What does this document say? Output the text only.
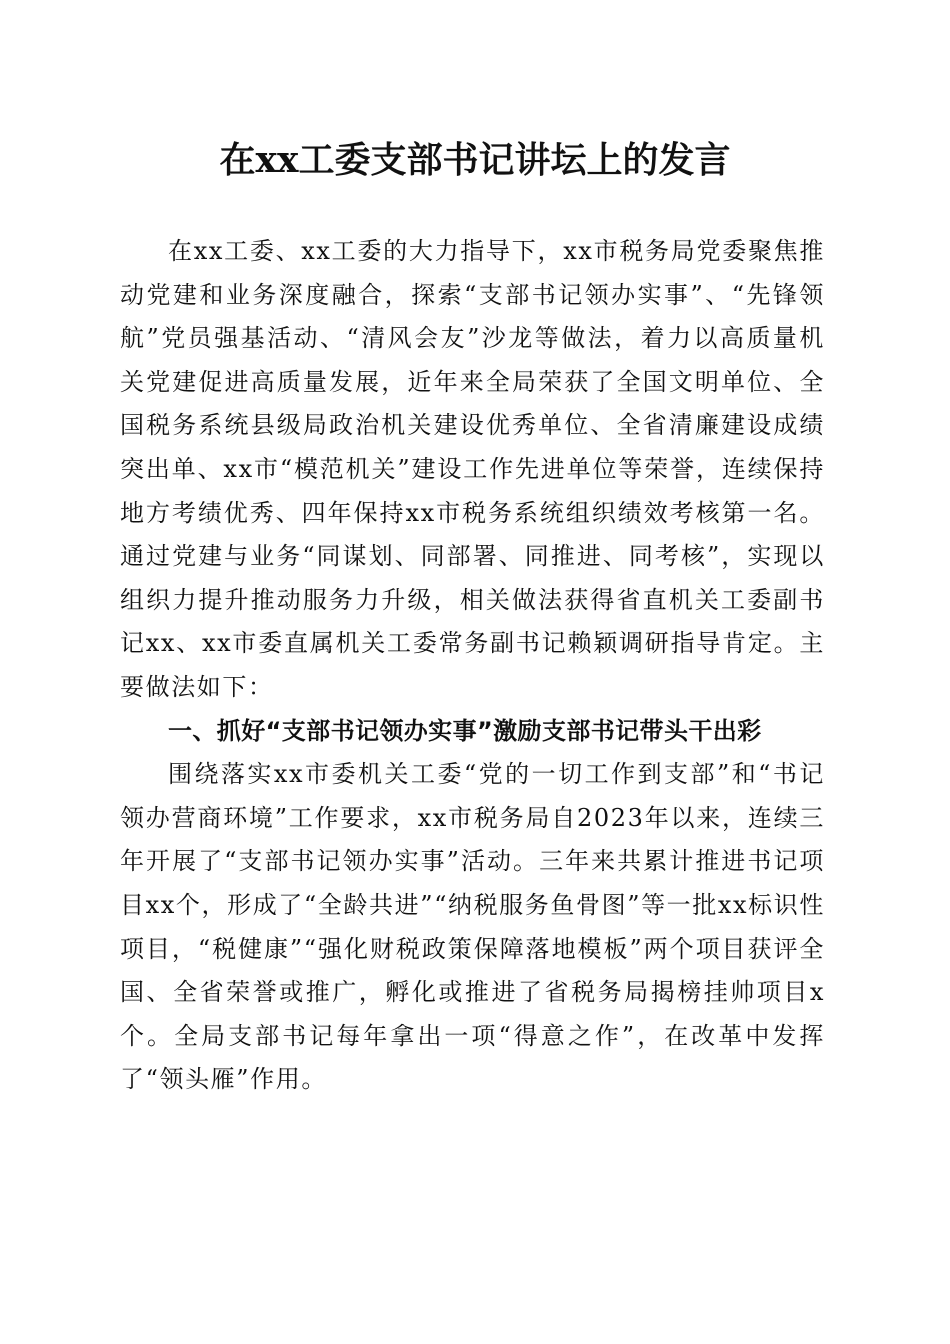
在xx工委支部书记讲坛上的发言

在xx工委、xx工委的大力指导下，xx市税务局党委聚焦推动党建和业务深度融合，探索“支部书记领办实事”、“先锋领航”党员强基活动、“清风会友”沙龙等做法，着力以高质量机关党建促进高质量发展，近年来全局荣获了全国文明单位、全国税务系统县级局政治机关建设优秀单位、全省清廉建设成绩突出单、xx市“模范机关”建设工作先进单位等荣誉，连续保持地方考绩优秀、四年保持xx市税务系统组织绩效考核第一名。通过党建与业务“同谋划、同部署、同推进、同考核”，实现以组织力提升推动服务力升级，相关做法获得省直机关工委副书记xx、xx市委直属机关工委常务副书记赖颖调研指导肯定。主要做法如下：

一、抓好“支部书记领办实事”激励支部书记带头干出彩

围绕落实xx市委机关工委“党的一切工作到支部”和“书记领办营商环境”工作要求，xx市税务局自2023年以来，连续三年开展了“支部书记领办实事”活动。三年来共累计推进书记项目xx个，形成了“全龄共进”“纳税服务鱼骨图”等一批xx标识性项目，“税健康”“强化财税政策保障落地模板”两个项目获评全国、全省荣誉或推广，孵化或推进了省税务局揭榜挂帅项目x个。全局支部书记每年拿出一项“得意之作”，在改革中发挥了“领头雁”作用。
